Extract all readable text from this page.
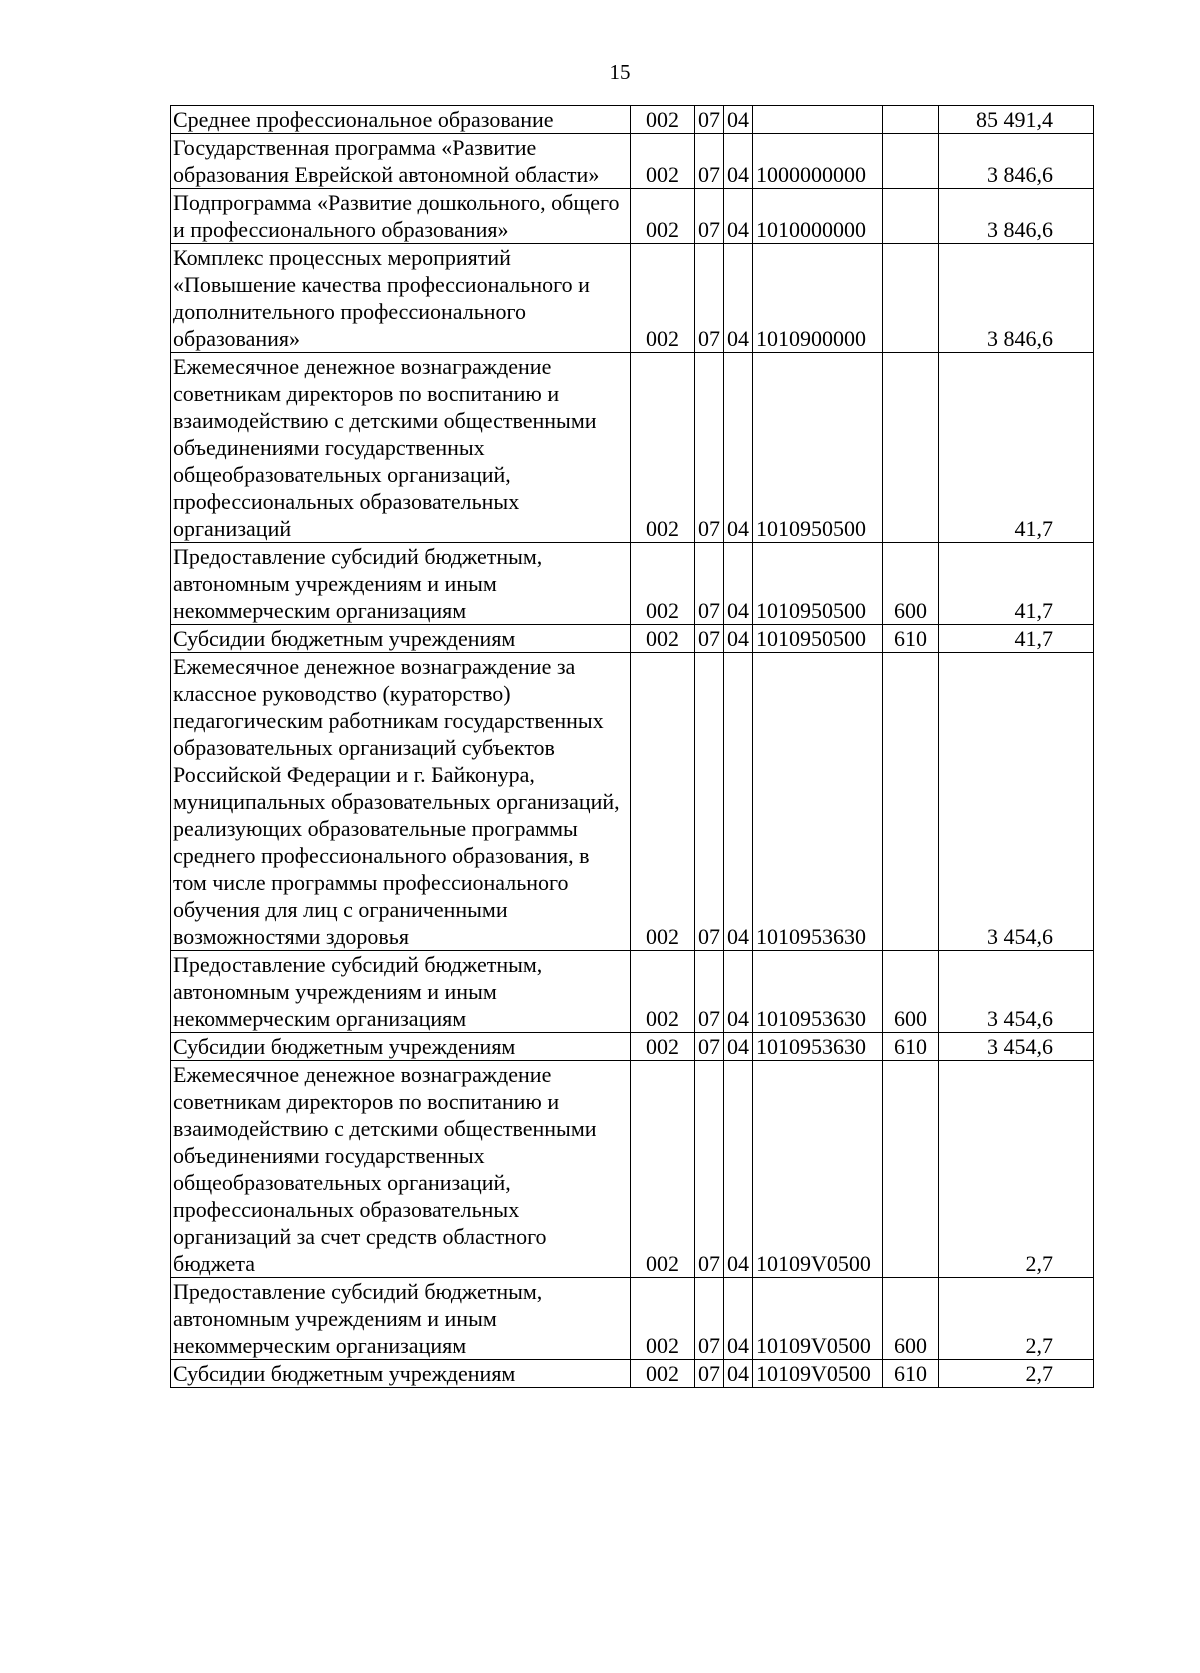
15
Среднее профессиональное образование	002	07	04			85 491,4
Государственная программа «Развитие образования Еврейской автономной области»	002	07	04	1000000000		3 846,6
Подпрограмма «Развитие дошкольного, общего и профессионального образования»	002	07	04	1010000000		3 846,6
Комплекс процессных мероприятий «Повышение качества профессионального и дополнительного профессионального образования»	002	07	04	1010900000		3 846,6
Ежемесячное денежное вознаграждение советникам директоров по воспитанию и взаимодействию с детскими общественными объединениями государственных общеобразовательных организаций, профессиональных образовательных организаций	002	07	04	1010950500		41,7
Предоставление субсидий бюджетным, автономным учреждениям и иным некоммерческим организациям	002	07	04	1010950500	600	41,7
Субсидии бюджетным учреждениям	002	07	04	1010950500	610	41,7
Ежемесячное денежное вознаграждение за классное руководство (кураторство) педагогическим работникам государственных образовательных организаций субъектов Российской Федерации и г. Байконура, муниципальных образовательных организаций, реализующих образовательные программы среднего профессионального образования, в том числе программы профессионального обучения для лиц с ограниченными возможностями здоровья	002	07	04	1010953630		3 454,6
Предоставление субсидий бюджетным, автономным учреждениям и иным некоммерческим организациям	002	07	04	1010953630	600	3 454,6
Субсидии бюджетным учреждениям	002	07	04	1010953630	610	3 454,6
Ежемесячное денежное вознаграждение советникам директоров по воспитанию и взаимодействию с детскими общественными объединениями государственных общеобразовательных организаций, профессиональных образовательных организаций за счет средств областного бюджета	002	07	04	10109V0500		2,7
Предоставление субсидий бюджетным, автономным учреждениям и иным некоммерческим организациям	002	07	04	10109V0500	600	2,7
Субсидии бюджетным учреждениям	002	07	04	10109V0500	610	2,7
